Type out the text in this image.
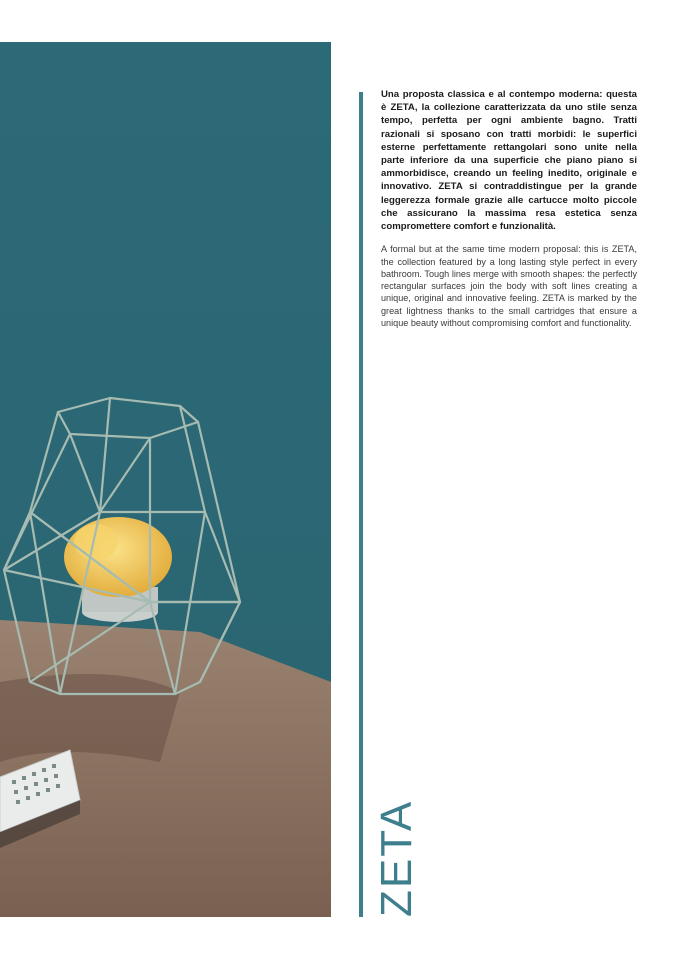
Una proposta classica e al contempo moderna: questa è ZETA, la collezione caratterizzata da uno stile senza tempo, perfetta per ogni ambiente bagno. Tratti razionali si sposano con tratti morbidi: le superfici esterne perfettamente rettangolari sono unite nella parte inferiore da una superficie che piano piano si ammorbidisce, creando un feeling inedito, originale e innovativo. ZETA si contraddistingue per la grande leggerezza formale grazie alle cartucce molto piccole che assicurano la massima resa estetica senza compromettere comfort e funzionalità.

A formal but at the same time modern proposal: this is ZETA, the collection featured by a long lasting style perfect in every bathroom. Tough lines merge with smooth shapes: the perfectly rectangular surfaces join the body with soft lines creating a unique, original and innovative feeling. ZETA is marked by the great lightness thanks to the small cartridges that ensure a unique beauty without compromising comfort and functionality.

ZETA
